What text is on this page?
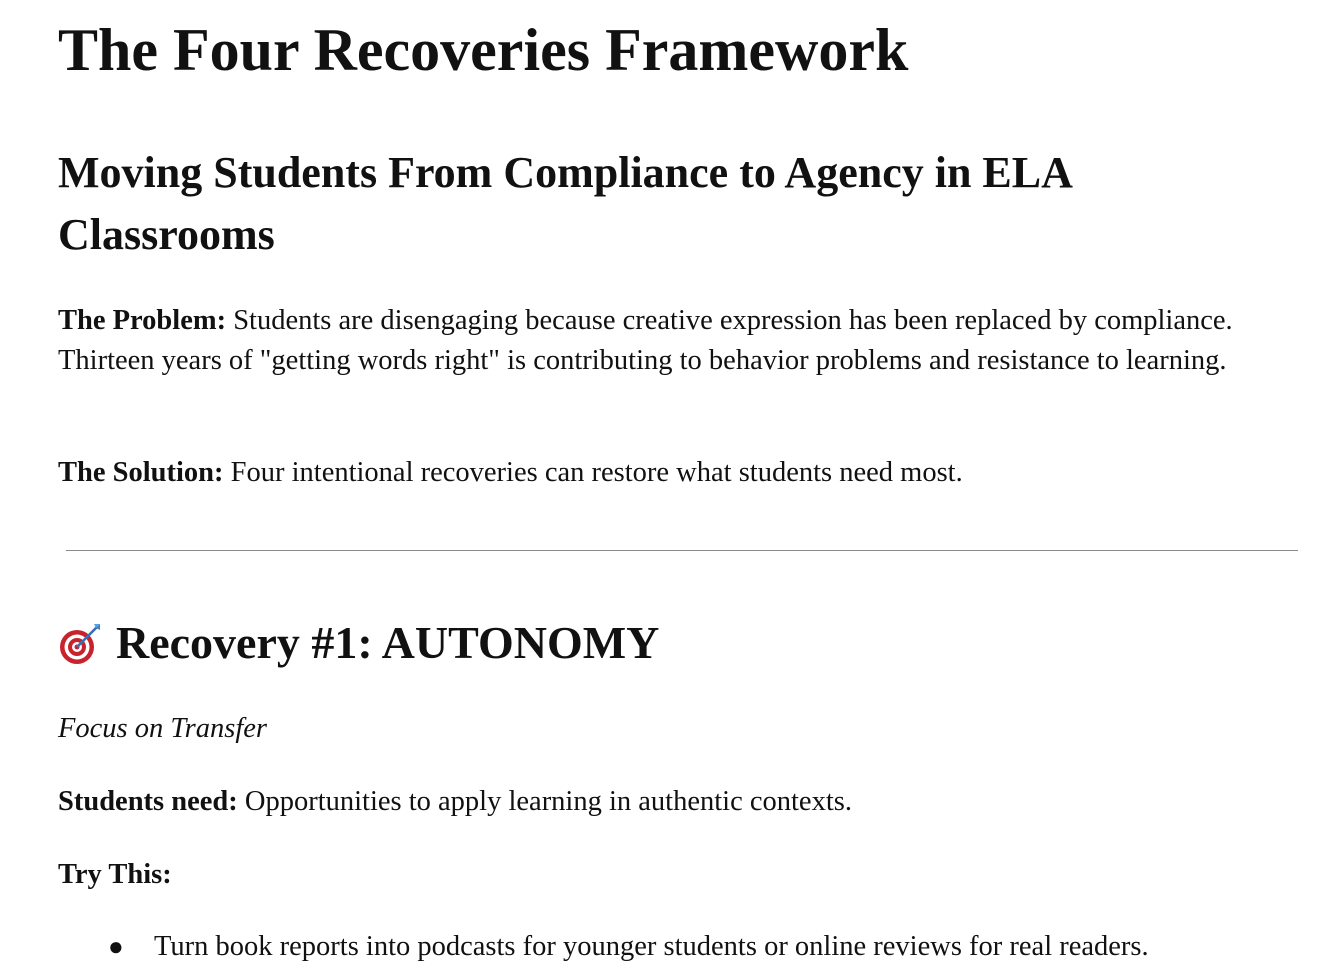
The Four Recoveries Framework
Moving Students From Compliance to Agency in ELA Classrooms

The Problem: Students are disengaging because creative expression has been replaced by compliance. Thirteen years of "getting words right" is contributing to behavior problems and resistance to learning.

The Solution: Four intentional recoveries can restore what students need most.

Recovery #1: AUTONOMY

Focus on Transfer

Students need: Opportunities to apply learning in authentic contexts.

Try This:

● Turn book reports into podcasts for younger students or online reviews for real readers.
